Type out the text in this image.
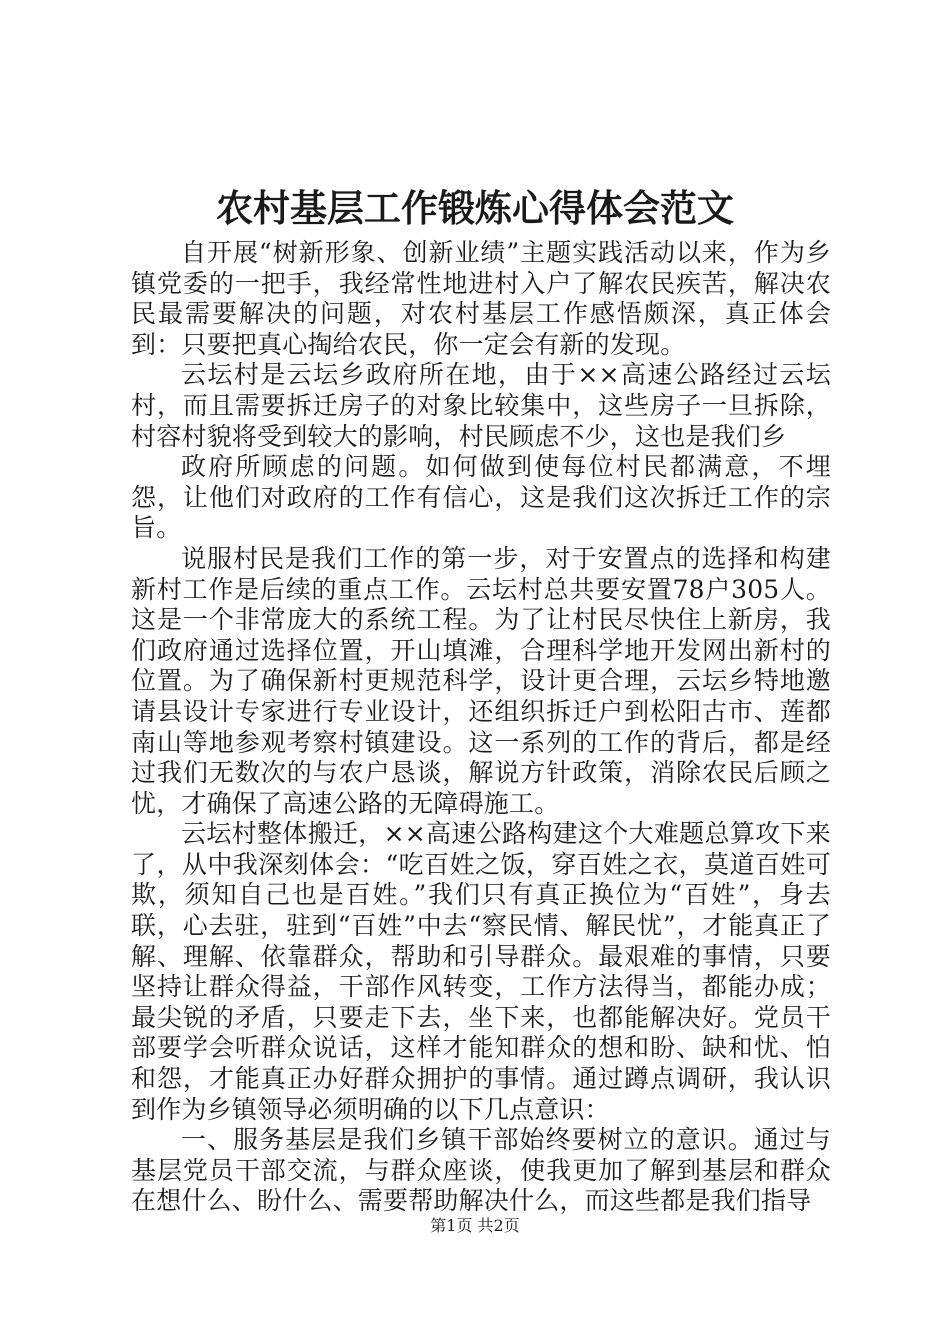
农村基层工作锻炼心得体会范文

自开展“树新形象、创新业绩”主题实践活动以来，作为乡镇党委的一把手，我经常性地进村入户了解农民疾苦，解决农民最需要解决的问题，对农村基层工作感悟颇深，真正体会到：只要把真心掏给农民，你一定会有新的发现。

云坛村是云坛乡政府所在地，由于××高速公路经过云坛村，而且需要拆迁房子的对象比较集中，这些房子一旦拆除，村容村貌将受到较大的影响，村民顾虑不少，这也是我们乡

政府所顾虑的问题。如何做到使每位村民都满意，不埋怨，让他们对政府的工作有信心，这是我们这次拆迁工作的宗旨。

说服村民是我们工作的第一步，对于安置点的选择和构建新村工作是后续的重点工作。云坛村总共要安置78户305人。这是一个非常庞大的系统工程。为了让村民尽快住上新房，我们政府通过选择位置，开山填滩，合理科学地开发网出新村的位置。为了确保新村更规范科学，设计更合理，云坛乡特地邀请县设计专家进行专业设计，还组织拆迁户到松阳古市、莲都南山等地参观考察村镇建设。这一系列的工作的背后，都是经过我们无数次的与农户恳谈，解说方针政策，消除农民后顾之忧，才确保了高速公路的无障碍施工。

云坛村整体搬迁，××高速公路构建这个大难题总算攻下来了，从中我深刻体会：“吃百姓之饭，穿百姓之衣，莫道百姓可欺，须知自己也是百姓。”我们只有真正换位为“百姓”，身去联，心去驻，驻到“百姓”中去“察民情、解民忧”，才能真正了解、理解、依靠群众，帮助和引导群众。最艰难的事情，只要坚持让群众得益，干部作风转变，工作方法得当，都能办成；最尖锐的矛盾，只要走下去，坐下来，也都能解决好。党员干部要学会听群众说话，这样才能知群众的想和盼、缺和忧、怕和怨，才能真正办好群众拥护的事情。通过蹲点调研，我认识到作为乡镇领导必须明确的以下几点意识：

一、服务基层是我们乡镇干部始终要树立的意识。通过与基层党员干部交流，与群众座谈，使我更加了解到基层和群众在想什么、盼什么、需要帮助解决什么，而这些都是我们指导

第1页 共2页
